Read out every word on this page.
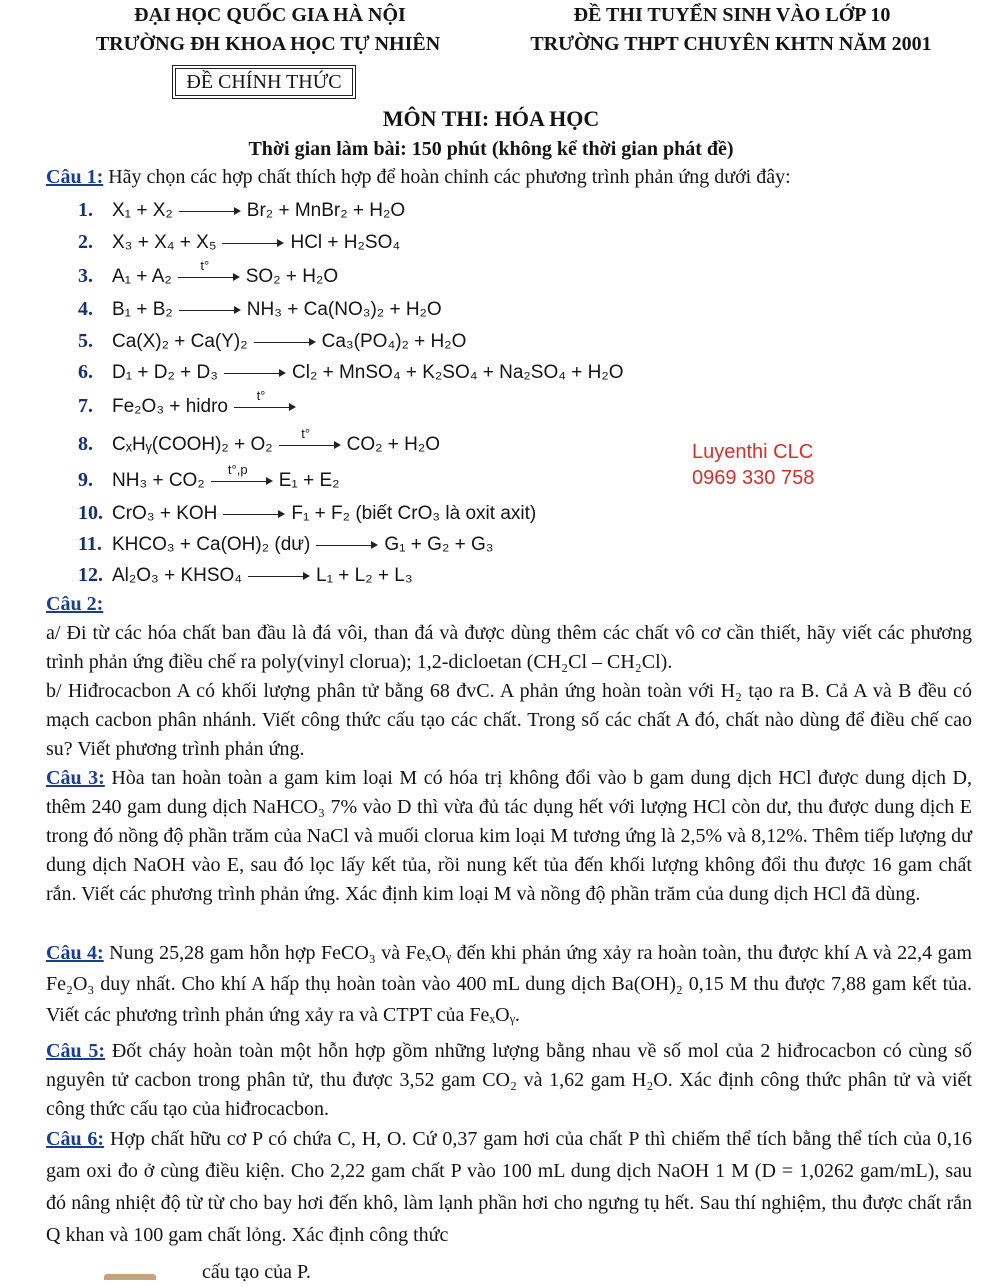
ĐẠI HỌC QUỐC GIA HÀ NỘI
TRƯỜNG ĐH KHOA HỌC TỰ NHIÊN
ĐỀ THI TUYỂN SINH VÀO LỚP 10
TRƯỜNG THPT CHUYÊN KHTN NĂM 2001
ĐỀ CHÍNH THỨC
MÔN THI: HÓA HỌC
Thời gian làm bài: 150 phút (không kể thời gian phát đề)
Câu 1: Hãy chọn các hợp chất thích hợp để hoàn chỉnh các phương trình phản ứng dưới đây:
1. X₁ + X₂	Br₂ + MnBr₂ + H₂O
2. X₃ + X₄ + X₅	HCl + H₂SO₄
3. A₁ + A₂
t°
SO₂ + H₂O
4. B₁ + B₂	NH₃ + Ca(NO₃)₂ + H₂O
5. Ca(X)₂ + Ca(Y)₂	Ca₃(PO₄)₂ + H₂O
6. D₁ + D₂ + D₃	Cl₂ + MnSO₄ + K₂SO₄ + Na₂SO₄ + H₂O
7. Fe₂O₃ + hidro
t°
8. CₓHᵧ(COOH)₂ + O₂
t°
CO₂ + H₂O
9. NH₃ + CO₂
t°,p
E₁ + E₂
10. CrO₃ + KOH	F₁ + F₂ (biết CrO₃ là oxit axit)
11. KHCO₃ + Ca(OH)₂ (dư)	G₁ + G₂ + G₃
12. Al₂O₃ + KHSO₄	L₁ + L₂ + L₃
Luyenthi CLC
0969 330 758
Câu 2:
a/ Đi từ các hóa chất ban đầu là đá vôi, than đá và được dùng thêm các chất vô cơ cần thiết, hãy viết các phương trình phản ứng điều chế ra poly(vinyl clorua); 1,2-dicloetan (CH₂Cl – CH₂Cl).
b/ Hiđrocacbon A có khối lượng phân tử bằng 68 đvC. A phản ứng hoàn toàn với H₂ tạo ra B. Cả A và B đều có mạch cacbon phân nhánh. Viết công thức cấu tạo các chất. Trong số các chất A đó, chất nào dùng để điều chế cao su? Viết phương trình phản ứng.
Câu 3: Hòa tan hoàn toàn a gam kim loại M có hóa trị không đổi vào b gam dung dịch HCl được dung dịch D, thêm 240 gam dung dịch NaHCO₃ 7% vào D thì vừa đủ tác dụng hết với lượng HCl còn dư, thu được dung dịch E trong đó nồng độ phần trăm của NaCl và muối clorua kim loại M tương ứng là 2,5% và 8,12%. Thêm tiếp lượng dư dung dịch NaOH vào E, sau đó lọc lấy kết tủa, rồi nung kết tủa đến khối lượng không đổi thu được 16 gam chất rắn. Viết các phương trình phản ứng. Xác định kim loại M và nồng độ phần trăm của dung dịch HCl đã dùng.
Câu 4: Nung 25,28 gam hỗn hợp FeCO₃ và FeₓOᵧ đến khi phản ứng xảy ra hoàn toàn, thu được khí A và 22,4 gam Fe₂O₃ duy nhất. Cho khí A hấp thụ hoàn toàn vào 400 mL dung dịch Ba(OH)₂ 0,15 M thu được 7,88 gam kết tủa. Viết các phương trình phản ứng xảy ra và CTPT của FeₓOᵧ.
Câu 5: Đốt cháy hoàn toàn một hỗn hợp gồm những lượng bằng nhau về số mol của 2 hiđrocacbon có cùng số nguyên tử cacbon trong phân tử, thu được 3,52 gam CO₂ và 1,62 gam H₂O. Xác định công thức phân tử và viết công thức cấu tạo của hiđrocacbon.
Câu 6: Hợp chất hữu cơ P có chứa C, H, O. Cứ 0,37 gam hơi của chất P thì chiếm thể tích bằng thể tích của 0,16 gam oxi đo ở cùng điều kiện. Cho 2,22 gam chất P vào 100 mL dung dịch NaOH 1 M (D = 1,0262 gam/mL), sau đó nâng nhiệt độ từ từ cho bay hơi đến khô, làm lạnh phần hơi cho ngưng tụ hết. Sau thí nghiệm, thu được chất rắn Q khan và 100 gam chất lỏng. Xác định công thức
cấu tạo của P.
